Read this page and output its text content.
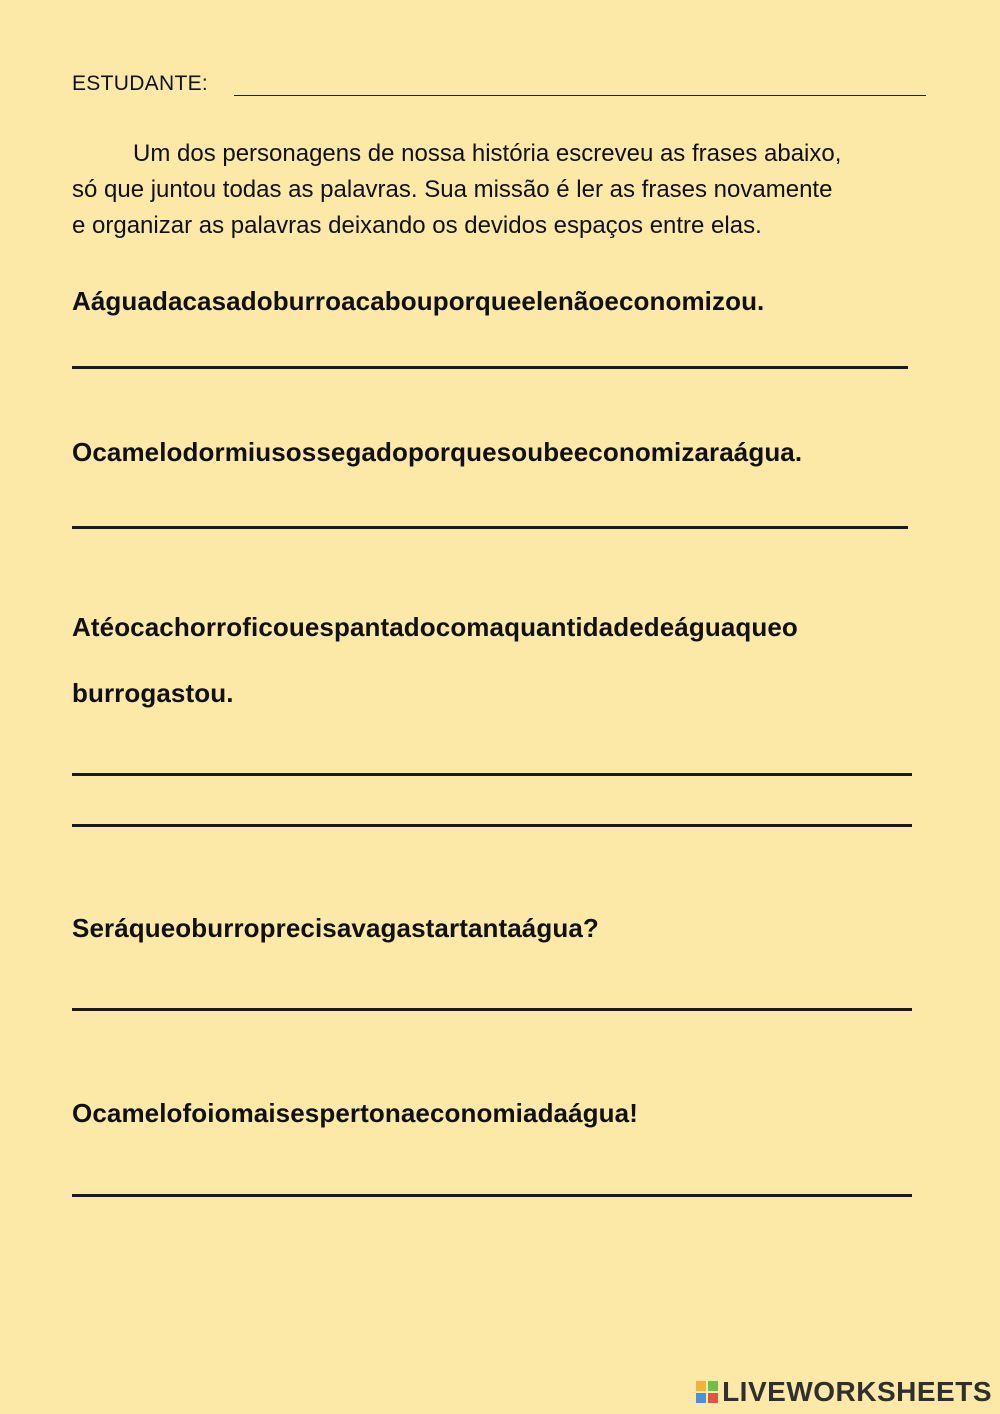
ESTUDANTE:
Um dos personagens de nossa história escreveu as frases abaixo,
só que juntou todas as palavras. Sua missão é ler as frases novamente
e organizar as palavras deixando os devidos espaços entre elas.
Aáguadacasadoburroacabouporqueelenãoeconomizou.
Ocamelodormiusossegadoporquesoubeeconomizaraágua.
Atéocachorroficouespantadocomaquantidadedeáguaqueo
burrogastou.
Seráqueoburroprecisavagastartantaágua?
Ocamelofoiomaisespertonaeconomiadaágua!
LIVEWORKSHEETS
